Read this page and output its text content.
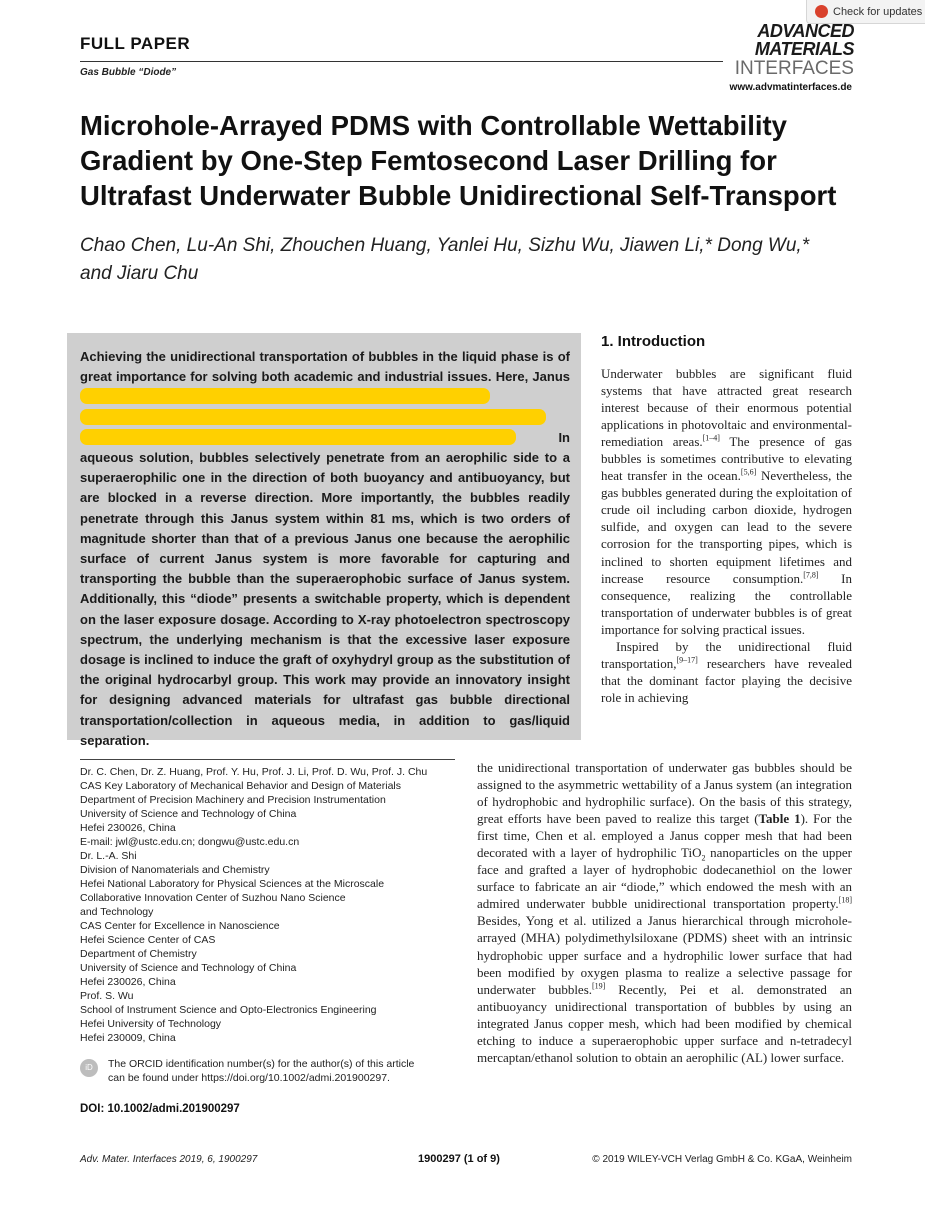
Check for updates
FULL PAPER
Gas Bubble “Diode”
ADVANCED
MATERIALS
INTERFACES
www.advmatinterfaces.de
Microhole-Arrayed PDMS with Controllable Wettability Gradient by One-Step Femtosecond Laser Drilling for Ultrafast Underwater Bubble Unidirectional Self-Transport
Chao Chen, Lu-An Shi, Zhouchen Huang, Yanlei Hu, Sizhu Wu, Jiawen Li,* Dong Wu,*
and Jiaru Chu
Achieving the unidirectional transportation of bubbles in the liquid phase is of great importance for solving both academic and industrial issues. Here, Janus    In aqueous solution, bubbles selectively penetrate from an aerophilic side to a superaerophilic one in the direction of both buoyancy and antibuoyancy, but are blocked in a reverse direction. More importantly, the bubbles readily penetrate through this Janus system within 81 ms, which is two orders of magnitude shorter than that of a previous Janus one because the aerophilic surface of current Janus system is more favorable for capturing and transporting the bubble than the superaerophobic surface of Janus system. Additionally, this “diode” presents a switchable property, which is dependent on the laser exposure dosage. According to X-ray photoelectron spectroscopy spectrum, the underlying mechanism is that the excessive laser exposure dosage is inclined to induce the graft of oxyhydryl group as the substitution of the original hydrocarbyl group. This work may provide an innovatory insight for designing advanced materials for ultrafast gas bubble directional transportation/collection in aqueous media, in addition to gas/liquid separation.
Dr. C. Chen, Dr. Z. Huang, Prof. Y. Hu, Prof. J. Li, Prof. D. Wu, Prof. J. Chu
CAS Key Laboratory of Mechanical Behavior and Design of Materials
Department of Precision Machinery and Precision Instrumentation
University of Science and Technology of China
Hefei 230026, China
E-mail: jwl@ustc.edu.cn; dongwu@ustc.edu.cn
Dr. L.-A. Shi
Division of Nanomaterials and Chemistry
Hefei National Laboratory for Physical Sciences at the Microscale
Collaborative Innovation Center of Suzhou Nano Science
and Technology
CAS Center for Excellence in Nanoscience
Hefei Science Center of CAS
Department of Chemistry
University of Science and Technology of China
Hefei 230026, China
Prof. S. Wu
School of Instrument Science and Opto-Electronics Engineering
Hefei University of Technology
Hefei 230009, China
iD	The ORCID identification number(s) for the author(s) of this article
can be found under https://doi.org/10.1002/admi.201900297.
DOI: 10.1002/admi.201900297
1. Introduction
Underwater bubbles are significant fluid systems that have attracted great research interest because of their enormous potential applications in photovoltaic and environmental-remediation areas.[1–4] The presence of gas bubbles is sometimes contributive to elevating heat transfer in the ocean.[5,6] Nevertheless, the gas bubbles generated during the exploitation of crude oil including carbon dioxide, hydrogen sulfide, and oxygen can lead to the severe corrosion for the transporting pipes, which is inclined to shorten equipment lifetimes and increase resource consumption.[7,8] In consequence, realizing the controllable transportation of underwater bubbles is of great importance for solving practical issues.
Inspired by the unidirectional fluid transportation,[9–17] researchers have revealed that the dominant factor playing the decisive role in achieving
the unidirectional transportation of underwater gas bubbles should be assigned to the asymmetric wettability of a Janus system (an integration of hydrophobic and hydrophilic surface). On the basis of this strategy, great efforts have been paved to realize this target (Table 1). For the first time, Chen et al. employed a Janus copper mesh that had been decorated with a layer of hydrophilic TiO$_2$ nanoparticles on the upper face and grafted a layer of hydrophobic dodecanethiol on the lower surface to fabricate an air “diode,” which endowed the mesh with an admired underwater bubble unidirectional transportation property.[18] Besides, Yong et al. utilized a Janus hierarchical through microhole-arrayed (MHA) polydimethylsiloxane (PDMS) sheet with an intrinsic hydrophobic upper surface and a hydrophilic lower surface that had been modified by oxygen plasma to realize a selective passage for underwater bubbles.[19] Recently, Pei et al. demonstrated an antibuoyancy unidirectional transportation of bubbles by using an integrated Janus copper mesh, which had been modified by chemical etching to induce a superaerophobic upper surface and n-tetradecyl mercaptan/ethanol solution to obtain an aerophilic (AL) lower surface.
Adv. Mater. Interfaces 2019, 6, 1900297	1900297 (1 of 9)	© 2019 WILEY-VCH Verlag GmbH & Co. KGaA, Weinheim
